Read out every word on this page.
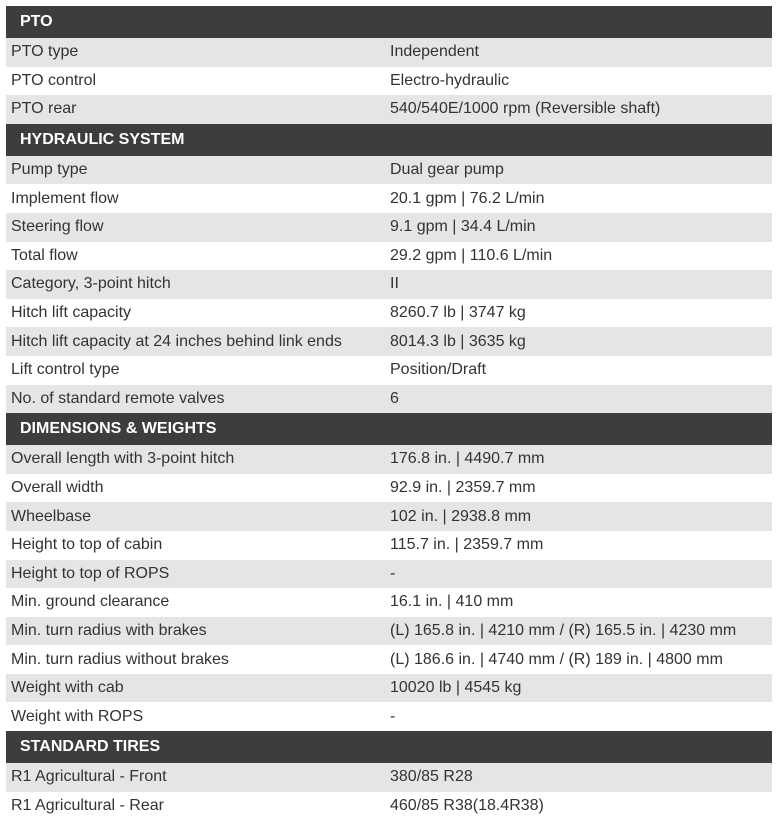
PTO
PTO type	Independent
PTO control	Electro-hydraulic
PTO rear	540/540E/1000 rpm (Reversible shaft)
HYDRAULIC SYSTEM
Pump type	Dual gear pump
Implement flow	20.1 gpm | 76.2 L/min
Steering flow	9.1 gpm | 34.4 L/min
Total flow	29.2 gpm | 110.6 L/min
Category, 3-point hitch	II
Hitch lift capacity	8260.7 lb | 3747 kg
Hitch lift capacity at 24 inches behind link ends	8014.3 lb | 3635 kg
Lift control type	Position/Draft
No. of standard remote valves	6
DIMENSIONS & WEIGHTS
Overall length with 3-point hitch	176.8 in. | 4490.7 mm
Overall width	92.9 in. | 2359.7 mm
Wheelbase	102 in. | 2938.8 mm
Height to top of cabin	115.7 in. | 2359.7 mm
Height to top of ROPS	-
Min. ground clearance	16.1 in. | 410 mm
Min. turn radius with brakes	(L) 165.8 in. | 4210 mm / (R) 165.5 in. | 4230 mm
Min. turn radius without brakes	(L) 186.6 in. | 4740 mm / (R) 189 in. | 4800 mm
Weight with cab	10020 lb | 4545 kg
Weight with ROPS	-
STANDARD TIRES
R1 Agricultural - Front	380/85 R28
R1 Agricultural - Rear	460/85 R38(18.4R38)
